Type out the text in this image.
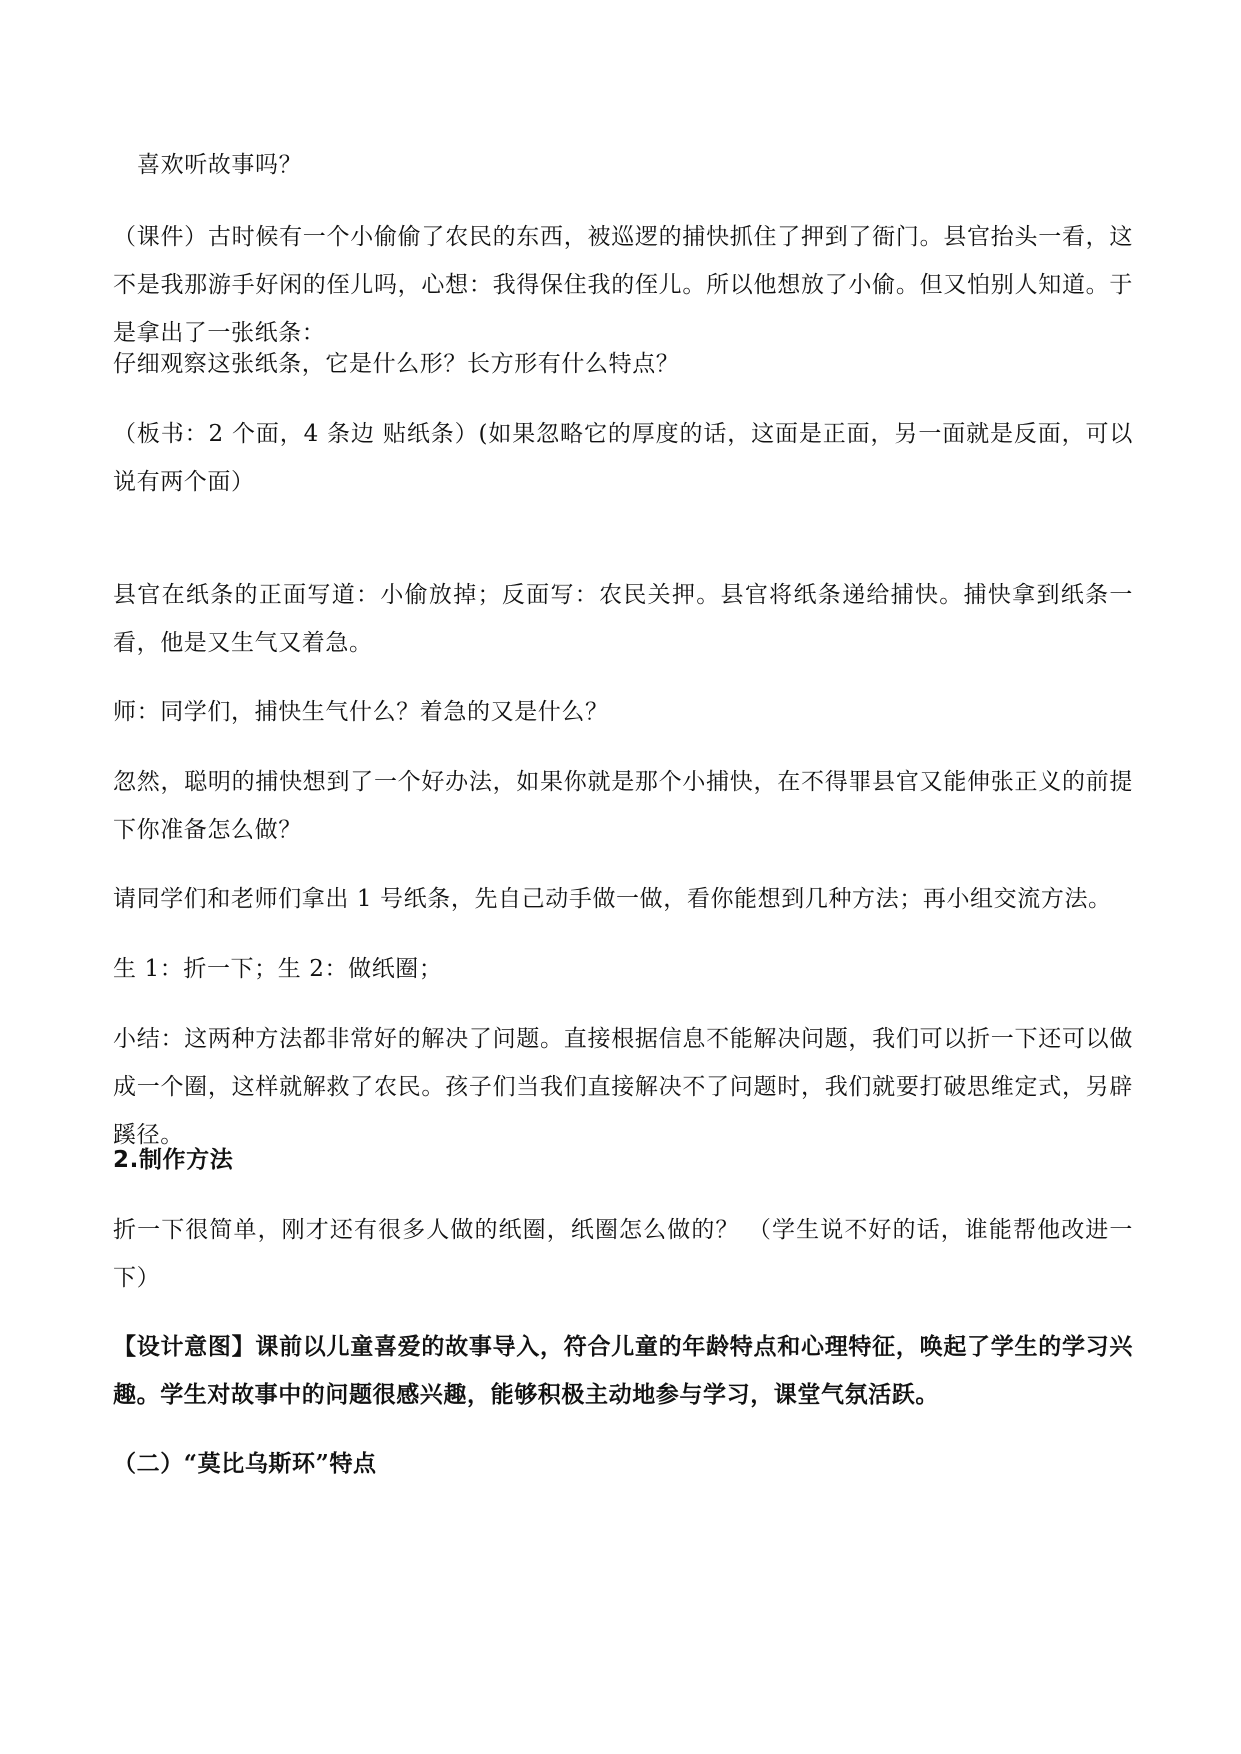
喜欢听故事吗？

（课件）古时候有一个小偷偷了农民的东西，被巡逻的捕快抓住了押到了衙门。县官抬头一看，这不是我那游手好闲的侄儿吗，心想：我得保住我的侄儿。所以他想放了小偷。但又怕别人知道。于是拿出了一张纸条：

仔细观察这张纸条，它是什么形？长方形有什么特点？

（板书：2 个面，4 条边 贴纸条）(如果忽略它的厚度的话，这面是正面，另一面就是反面，可以说有两个面）

县官在纸条的正面写道：小偷放掉；反面写：农民关押。县官将纸条递给捕快。捕快拿到纸条一看，他是又生气又着急。

师：同学们，捕快生气什么？着急的又是什么？

忽然，聪明的捕快想到了一个好办法，如果你就是那个小捕快，在不得罪县官又能伸张正义的前提下你准备怎么做？

请同学们和老师们拿出 1 号纸条，先自己动手做一做，看你能想到几种方法；再小组交流方法。

生 1：折一下；生 2：做纸圈；

小结：这两种方法都非常好的解决了问题。直接根据信息不能解决问题，我们可以折一下还可以做成一个圈，这样就解救了农民。孩子们当我们直接解决不了问题时，我们就要打破思维定式，另辟蹊径。

2.制作方法

折一下很简单，刚才还有很多人做的纸圈，纸圈怎么做的？ （学生说不好的话，谁能帮他改进一下）

【设计意图】课前以儿童喜爱的故事导入，符合儿童的年龄特点和心理特征，唤起了学生的学习兴趣。学生对故事中的问题很感兴趣，能够积极主动地参与学习，课堂气氛活跃。

（二）“莫比乌斯环”特点
